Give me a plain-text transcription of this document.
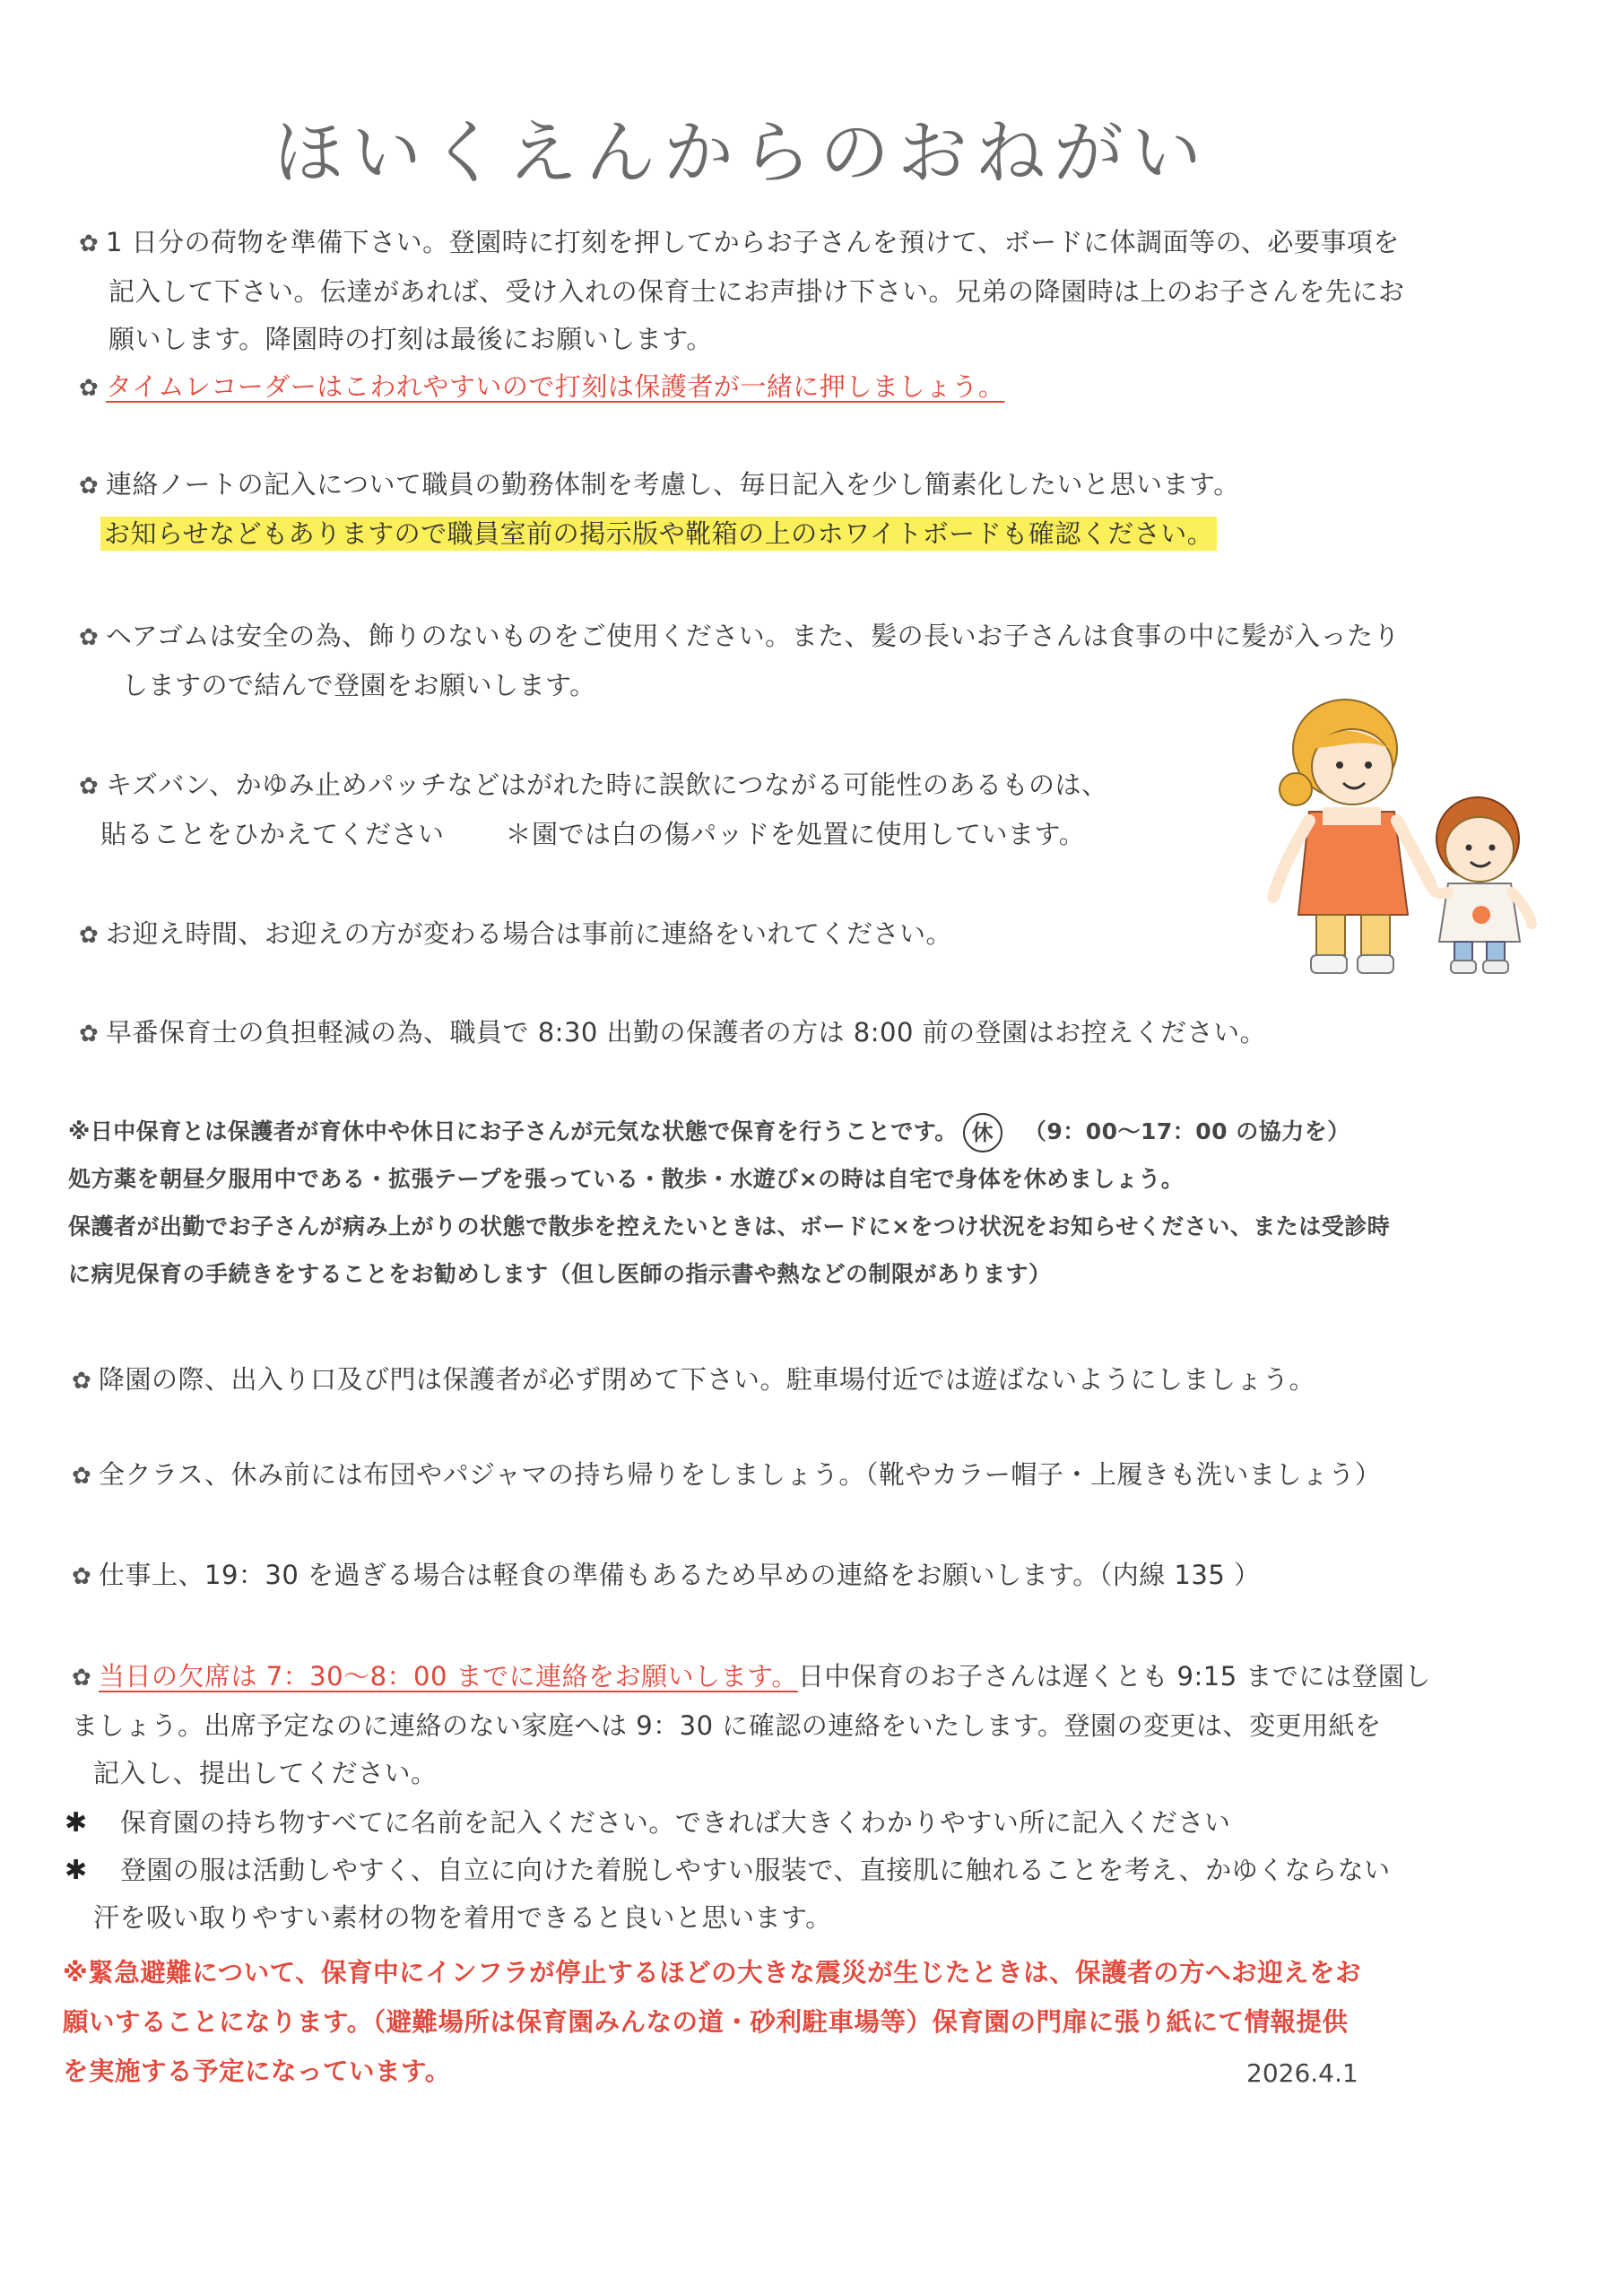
ほいくえんからのおねがい
✿ 1 日分の荷物を準備下さい。登園時に打刻を押してからお子さんを預けて、ボードに体調面等の、必要事項を
記入して下さい。伝達があれば、受け入れの保育士にお声掛け下さい。兄弟の降園時は上のお子さんを先にお
願いします。降園時の打刻は最後にお願いします。
✿ タイムレコーダーはこわれやすいので打刻は保護者が一緒に押しましょう。
✿ 連絡ノートの記入について職員の勤務体制を考慮し、毎日記入を少し簡素化したいと思います。
お知らせなどもありますので職員室前の掲示版や靴箱の上のホワイトボードも確認ください。
✿ ヘアゴムは安全の為、飾りのないものをご使用ください。また、髪の長いお子さんは食事の中に髪が入ったり
しますので結んで登園をお願いします。
✿ キズバン、かゆみ止めパッチなどはがれた時に誤飲につながる可能性のあるものは、
貼ることをひかえてください ＊園では白の傷パッドを処置に使用しています。
✿ お迎え時間、お迎えの方が変わる場合は事前に連絡をいれてください。
✿ 早番保育士の負担軽減の為、職員で 8:30 出勤の保護者の方は 8:00 前の登園はお控えください。
※日中保育とは保護者が育休中や休日にお子さんが元気な状態で保育を行うことです。 休 （9：00～17：00 の協力を）
処方薬を朝昼夕服用中である・拡張テープを張っている・散歩・水遊び×の時は自宅で身体を休めましょう。
保護者が出勤でお子さんが病み上がりの状態で散歩を控えたいときは、ボードに×をつけ状況をお知らせください、または受診時
に病児保育の手続きをすることをお勧めします（但し医師の指示書や熱などの制限があります）
✿ 降園の際、出入り口及び門は保護者が必ず閉めて下さい。駐車場付近では遊ばないようにしましょう。
✿ 全クラス、休み前には布団やパジャマの持ち帰りをしましょう。（靴やカラー帽子・上履きも洗いましょう）
✿ 仕事上、19：30 を過ぎる場合は軽食の準備もあるため早めの連絡をお願いします。（内線 135 ）
✿ 当日の欠席は 7：30～8：00 までに連絡をお願いします。日中保育のお子さんは遅くとも 9:15 までには登園し
ましょう。出席予定なのに連絡のない家庭へは 9：30 に確認の連絡をいたします。登園の変更は、変更用紙を
記入し、提出してください。
✱ 保育園の持ち物すべてに名前を記入ください。できれば大きくわかりやすい所に記入ください
✱ 登園の服は活動しやすく、自立に向けた着脱しやすい服装で、直接肌に触れることを考え、かゆくならない
汗を吸い取りやすい素材の物を着用できると良いと思います。
※緊急避難について、保育中にインフラが停止するほどの大きな震災が生じたときは、保護者の方へお迎えをお
願いすることになります。（避難場所は保育園みんなの道・砂利駐車場等）保育園の門扉に張り紙にて情報提供
を実施する予定になっています。	2026.4.1
